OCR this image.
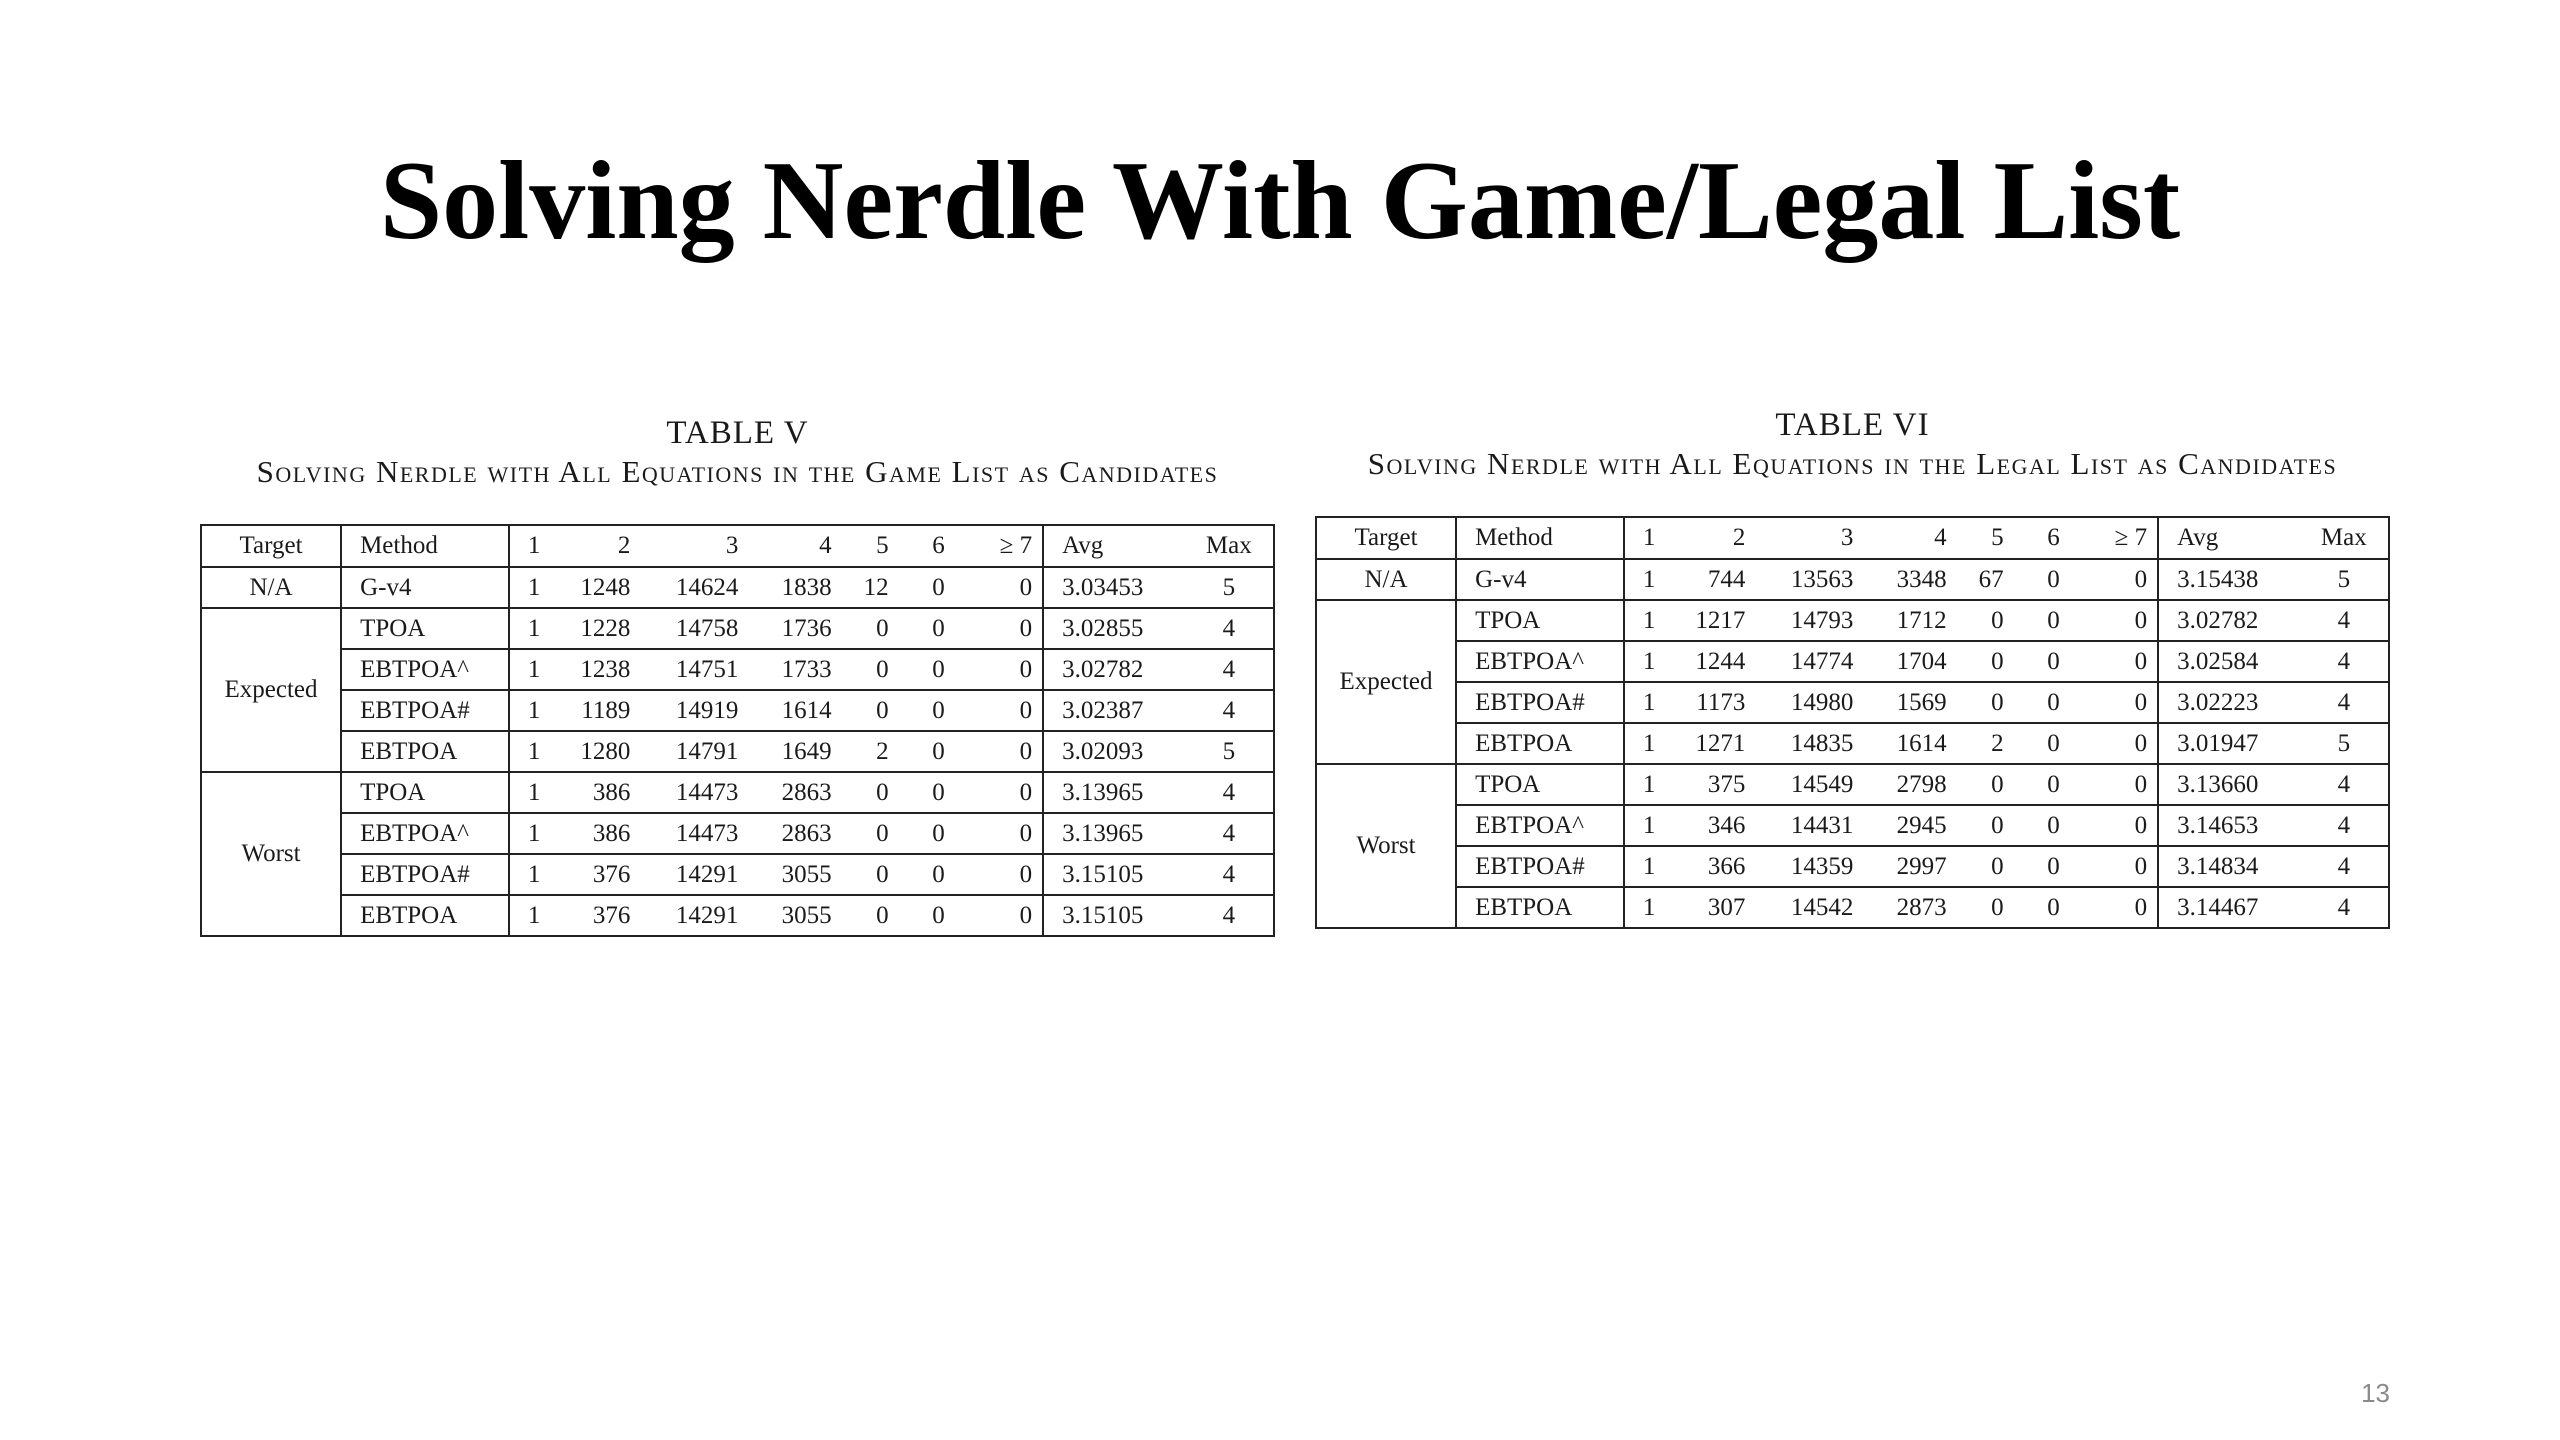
Solving Nerdle With Game/Legal List
TABLE V
Solving Nerdle with All Equations in the Game List as Candidates
Target	Method	1	2	3	4	5	6	≥ 7	Avg	Max
N/A	G-v4	1	1248	14624	1838	12	0	0	3.03453	5
Expected	TPOA	1	1228	14758	1736	0	0	0	3.02855	4
	EBTPOA^	1	1238	14751	1733	0	0	0	3.02782	4
	EBTPOA#	1	1189	14919	1614	0	0	0	3.02387	4
	EBTPOA	1	1280	14791	1649	2	0	0	3.02093	5
Worst	TPOA	1	386	14473	2863	0	0	0	3.13965	4
	EBTPOA^	1	386	14473	2863	0	0	0	3.13965	4
	EBTPOA#	1	376	14291	3055	0	0	0	3.15105	4
	EBTPOA	1	376	14291	3055	0	0	0	3.15105	4
TABLE VI
Solving Nerdle with All Equations in the Legal List as Candidates
Target	Method	1	2	3	4	5	6	≥ 7	Avg	Max
N/A	G-v4	1	744	13563	3348	67	0	0	3.15438	5
Expected	TPOA	1	1217	14793	1712	0	0	0	3.02782	4
	EBTPOA^	1	1244	14774	1704	0	0	0	3.02584	4
	EBTPOA#	1	1173	14980	1569	0	0	0	3.02223	4
	EBTPOA	1	1271	14835	1614	2	0	0	3.01947	5
Worst	TPOA	1	375	14549	2798	0	0	0	3.13660	4
	EBTPOA^	1	346	14431	2945	0	0	0	3.14653	4
	EBTPOA#	1	366	14359	2997	0	0	0	3.14834	4
	EBTPOA	1	307	14542	2873	0	0	0	3.14467	4
13
